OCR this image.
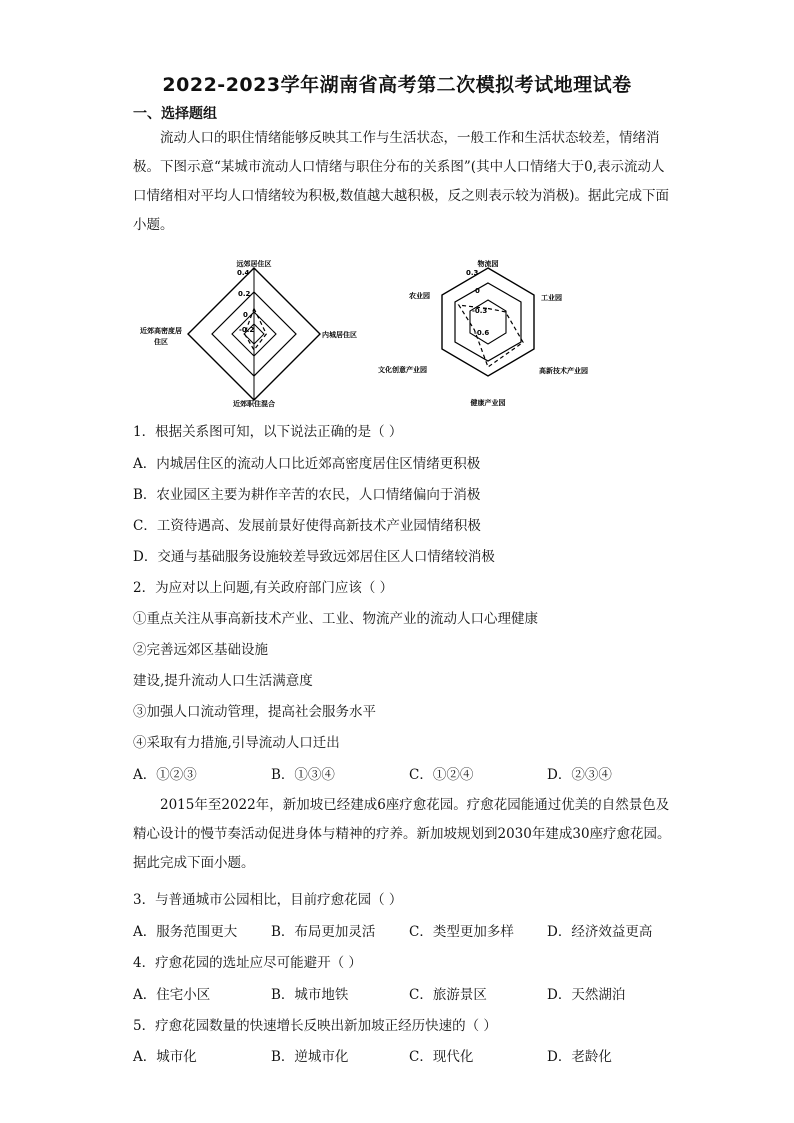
2022-2023学年湖南省高考第二次模拟考试地理试卷
一、选择题组

流动人口的职住情绪能够反映其工作与生活状态，一般工作和生活状态较差，情绪消极。下图示意“某城市流动人口情绪与职住分布的关系图”(其中人口情绪大于0,表示流动人口情绪相对平均人口情绪较为积极,数值越大越积极，反之则表示较为消极)。据此完成下面小题。

0.4
0.2
0
-0.2
远郊居住区
内城居住区
近郊职住混合
近郊高密度居住区
0.3
0
-0.3
-0.6
物流园
工业园
高新技术产业园
健康产业园
文化创意产业园
农业园
1．根据关系图可知，以下说法正确的是（ ）
A．内城居住区的流动人口比近郊高密度居住区情绪更积极
B．农业园区主要为耕作辛苦的农民，人口情绪偏向于消极
C．工资待遇高、发展前景好使得高新技术产业园情绪积极
D．交通与基础服务设施较差导致远郊居住区人口情绪较消极
2．为应对以上问题,有关政府部门应该（ ）
①重点关注从事高新技术产业、工业、物流产业的流动人口心理健康
②完善远郊区基础设施
建设,提升流动人口生活满意度
③加强人口流动管理，提高社会服务水平
④采取有力措施,引导流动人口迁出
A．①②③	B．①③④	C．①②④	D．②③④

2015年至2022年，新加坡已经建成6座疗愈花园。疗愈花园能通过优美的自然景色及精心设计的慢节奏活动促进身体与精神的疗养。新加坡规划到2030年建成30座疗愈花园。据此完成下面小题。

3．与普通城市公园相比，目前疗愈花园（ ）
A．服务范围更大	B．布局更加灵活 C．类型更加多样 D．经济效益更高
4．疗愈花园的选址应尽可能避开（ ）
A．住宅小区	B．城市地铁	C．旅游景区	D．天然湖泊
5．疗愈花园数量的快速增长反映出新加坡正经历快速的（ ）
A．城市化	B．逆城市化	C．现代化	D．老龄化
